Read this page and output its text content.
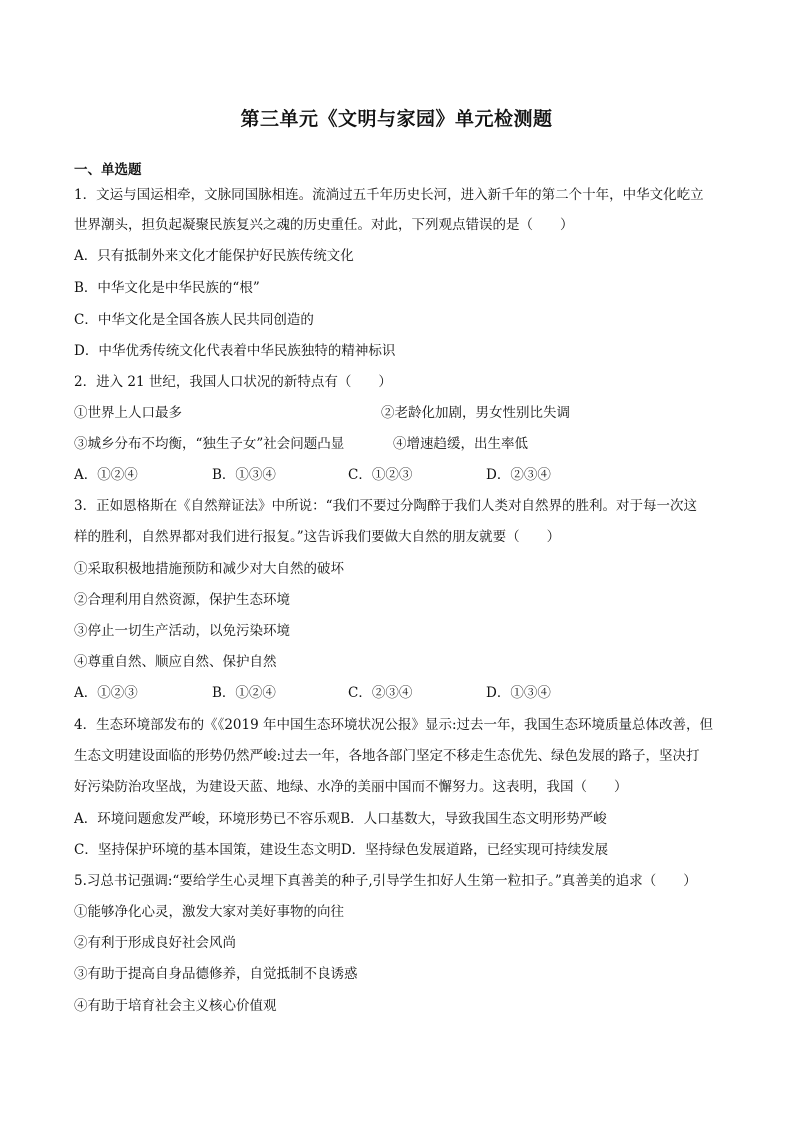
第三单元《文明与家园》单元检测题
一、单选题
1．文运与国运相牵，文脉同国脉相连。流淌过五千年历史长河，进入新千年的第二个十年，中华文化屹立
世界潮头，担负起凝聚民族复兴之魂的历史重任。对此，下列观点错误的是（　　）
A．只有抵制外来文化才能保护好民族传统文化
B．中华文化是中华民族的“根”
C．中华文化是全国各族人民共同创造的
D．中华优秀传统文化代表着中华民族独特的精神标识
2．进入 21 世纪，我国人口状况的新特点有（　　）
①世界上人口最多	②老龄化加剧，男女性别比失调
③城乡分布不均衡，“独生子女”社会问题凸显	④增速趋缓，出生率低
A．①②④	B．①③④	C．①②③	D．②③④
3．正如恩格斯在《自然辩证法》中所说：“我们不要过分陶醉于我们人类对自然界的胜利。对于每一次这
样的胜利，自然界都对我们进行报复。”这告诉我们要做大自然的朋友就要（　　）
①采取积极地措施预防和减少对大自然的破坏
②合理利用自然资源，保护生态环境
③停止一切生产活动，以免污染环境
④尊重自然、顺应自然、保护自然
A．①②③	B．①②④	C．②③④	D．①③④
4．生态环境部发布的《《2019 年中国生态环境状况公报》显示:过去一年，我国生态环境质量总体改善，但
生态文明建设面临的形势仍然严峻:过去一年，各地各部门坚定不移走生态优先、绿色发展的路子，坚决打
好污染防治攻坚战，为建设天蓝、地绿、水净的美丽中国而不懈努力。这表明，我国（　　）
A．环境问题愈发严峻，环境形势已不容乐观B．人口基数大，导致我国生态文明形势严峻
C．坚持保护环境的基本国策，建设生态文明D．坚持绿色发展道路，已经实现可持续发展
5.习总书记强调:“要给学生心灵埋下真善美的种子,引导学生扣好人生第一粒扣子。”真善美的追求（　　）
①能够净化心灵，激发大家对美好事物的向往
②有利于形成良好社会风尚
③有助于提高自身品德修养，自觉抵制不良诱惑
④有助于培育社会主义核心价值观
